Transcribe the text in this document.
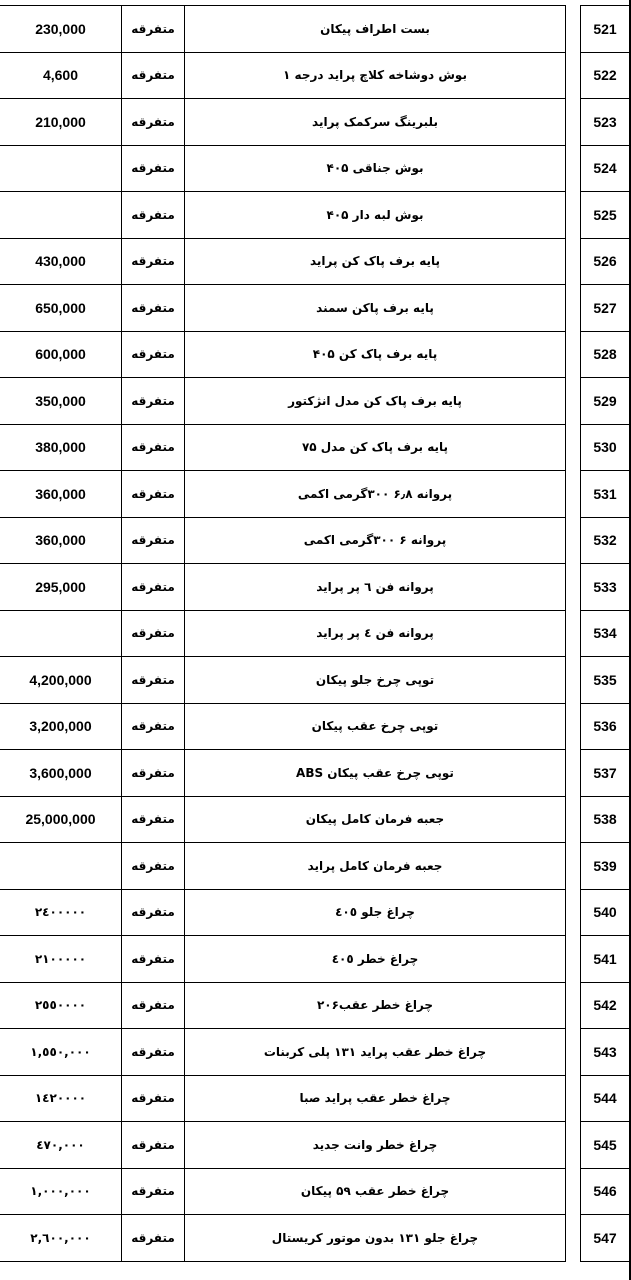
230,000	متفرقه	بست اطراف پیکان		521
4,600	متفرقه	بوش دوشاخه کلاچ پراید درجه ۱		522
210,000	متفرقه	بلبرینگ سرکمک پراید		523
	متفرقه	بوش جناقی ۴۰۵		524
	متفرقه	بوش لبه دار ۴۰۵		525
430,000	متفرقه	پایه برف پاک کن پراید		526
650,000	متفرقه	پایه برف پاکن سمند		527
600,000	متفرقه	پایه برف پاک کن ۴۰۵		528
350,000	متفرقه	پایه برف پاک کن مدل انژکتور		529
380,000	متفرقه	پایه برف پاک کن مدل ۷۵		530
360,000	متفرقه	پروانه ۶٫۸ ۳۰۰گرمی اکمی		531
360,000	متفرقه	پروانه ۶ ۳۰۰گرمی اکمی		532
295,000	متفرقه	پروانه فن ٦ پر پراید		533
	متفرقه	پروانه فن ٤ پر پراید		534
4,200,000	متفرقه	توپی چرخ جلو پیکان		535
3,200,000	متفرقه	توپی چرخ عقب پیکان		536
3,600,000	متفرقه	توپی چرخ عقب پیکان ABS		537
25,000,000	متفرقه	جعبه فرمان کامل پیکان		538
	متفرقه	جعبه فرمان کامل پراید		539
٢٤٠٠٠٠٠	متفرقه	چراغ جلو ٤٠٥		540
٢١٠٠٠٠٠	متفرقه	چراغ خطر ٤٠٥		541
٢٥٥٠٠٠٠	متفرقه	چراغ خطر عقب۲۰۶		542
١,٥٥٠,٠٠٠	متفرقه	چراغ خطر عقب پراید ۱۳۱ پلی کربنات		543
١٤٢٠٠٠٠	متفرقه	چراغ خطر عقب پراید صبا		544
٤٧٠,٠٠٠	متفرقه	چراغ خطر وانت جدید		545
١,٠٠٠,٠٠٠	متفرقه	چراغ خطر عقب ۵۹ پیکان		546
٢,٦٠٠,٠٠٠	متفرقه	چراغ جلو ۱۳۱ بدون موتور کریستال		547
